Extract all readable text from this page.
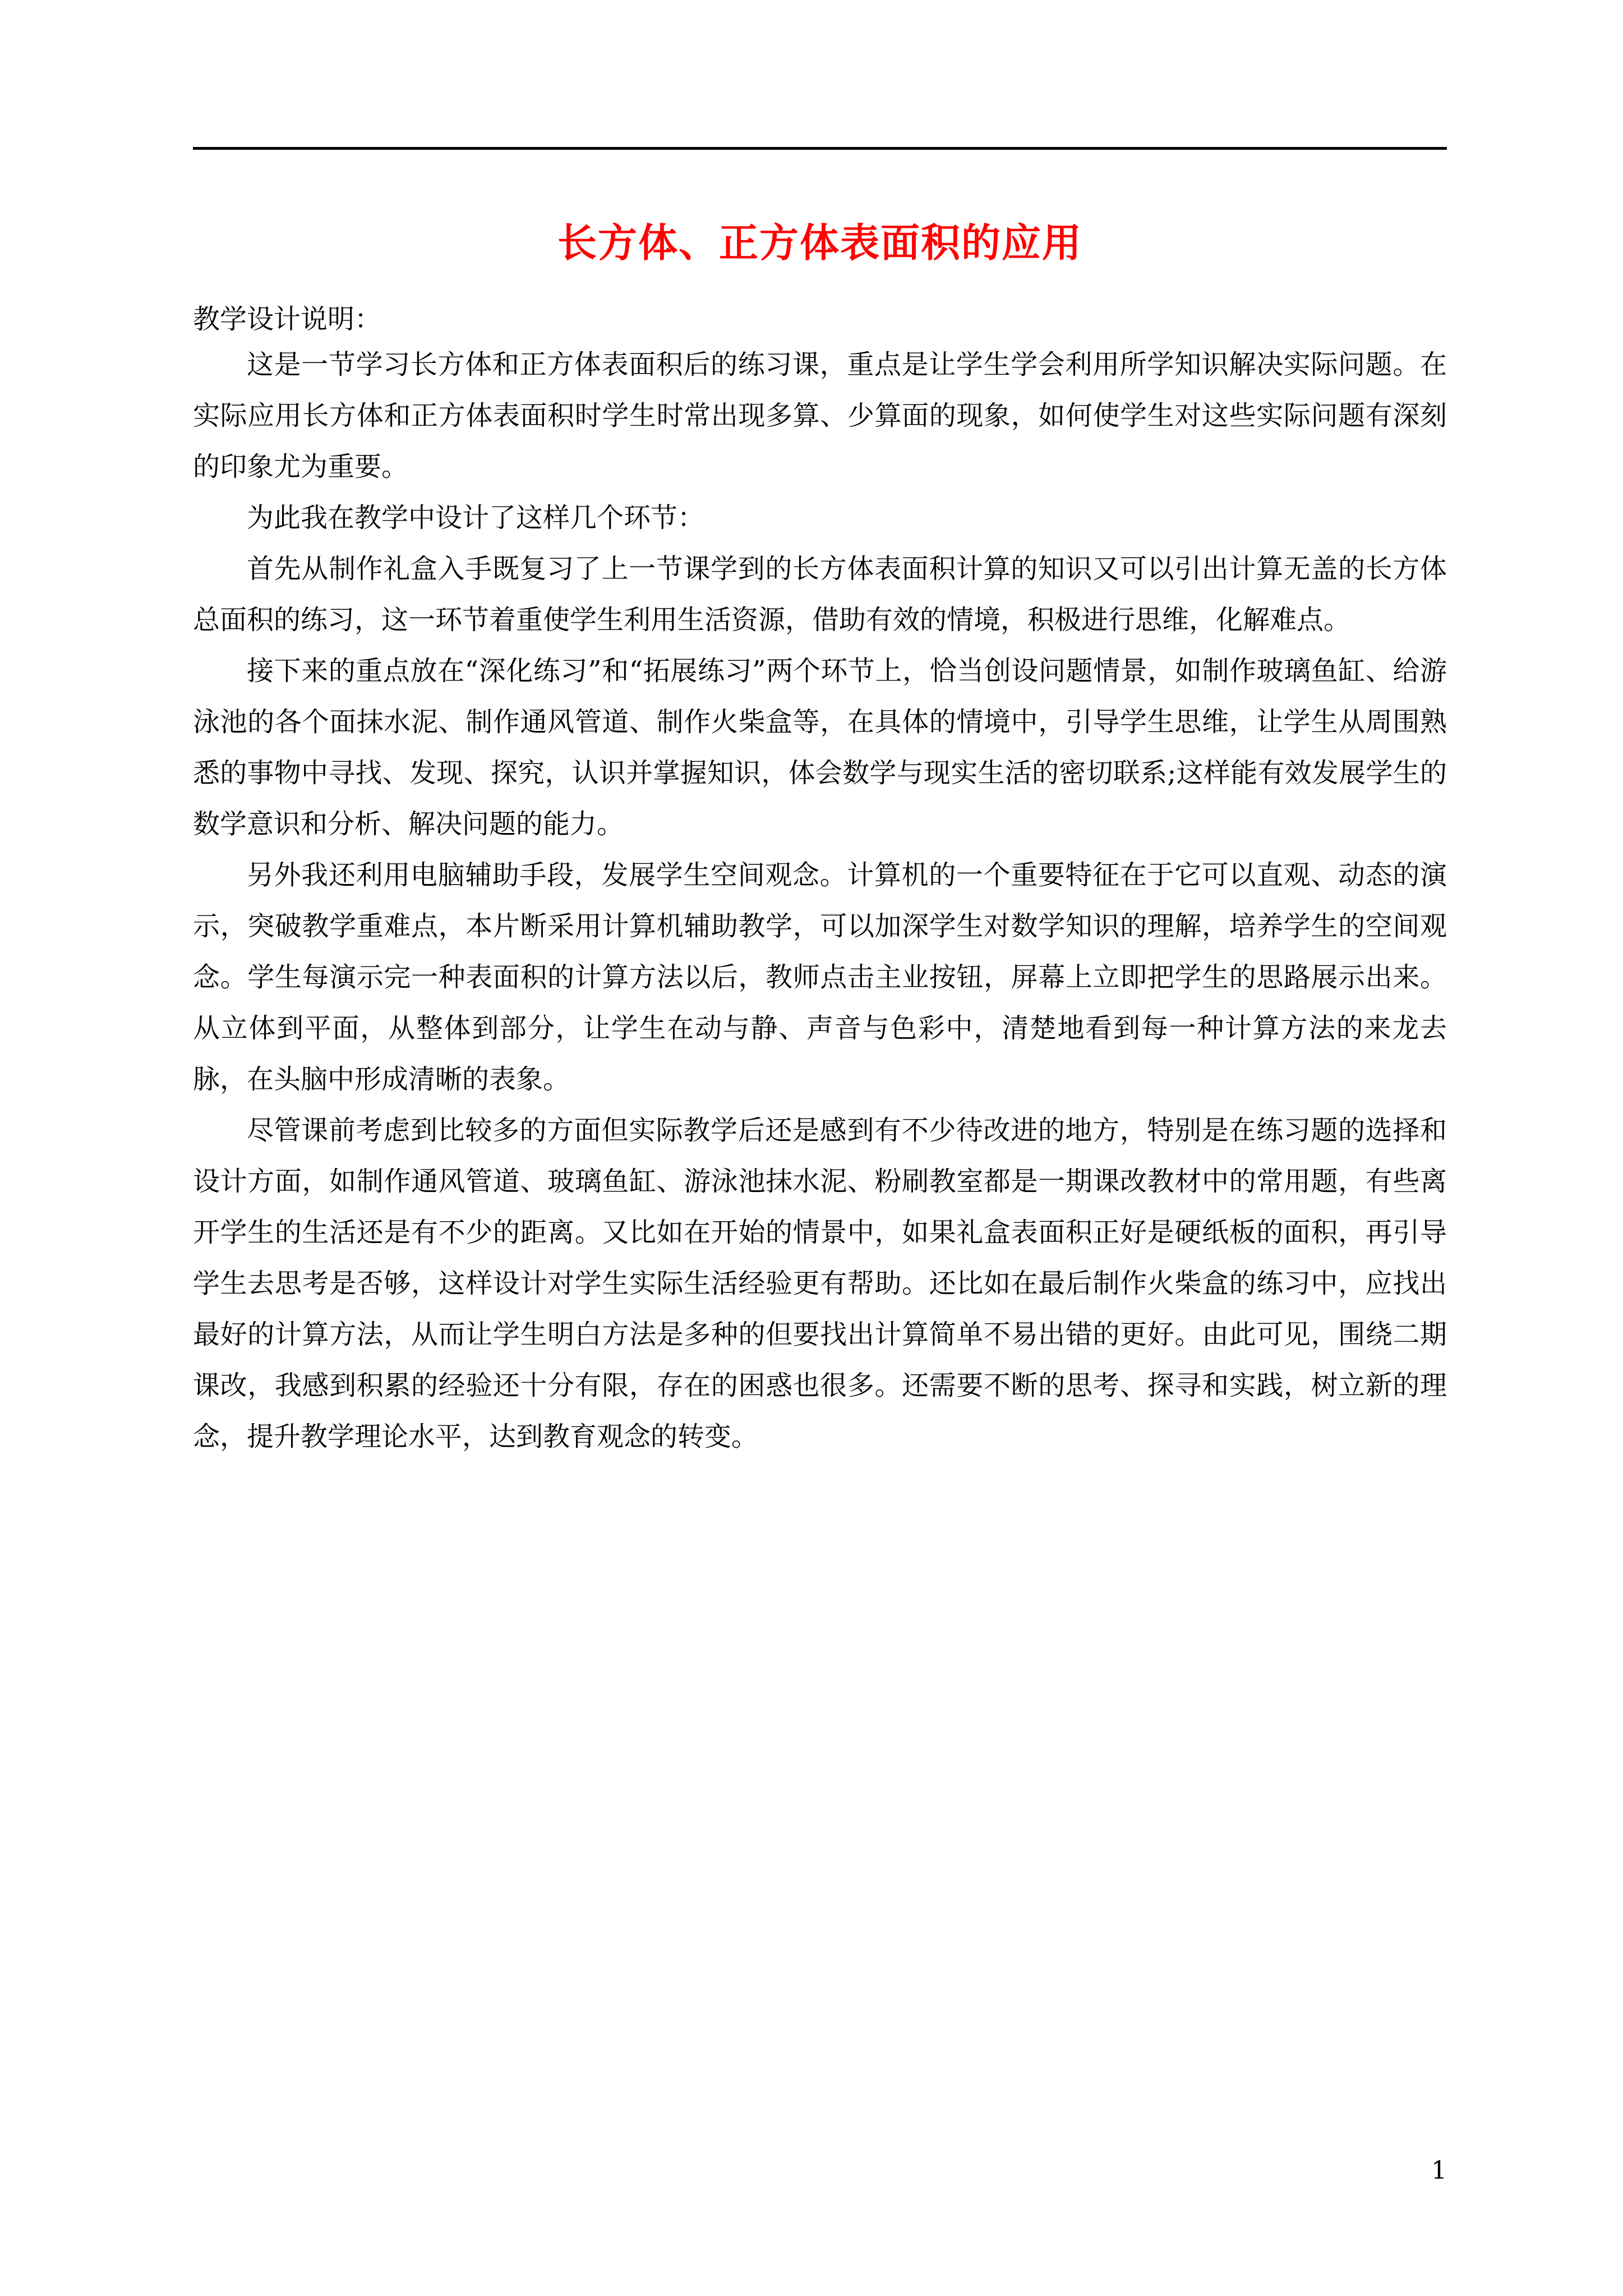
长方体、正方体表面积的应用
教学设计说明：

这是一节学习长方体和正方体表面积后的练习课，重点是让学生学会利用所学知识解决实际问题。在实际应用长方体和正方体表面积时学生时常出现多算、少算面的现象，如何使学生对这些实际问题有深刻的印象尤为重要。

为此我在教学中设计了这样几个环节：

首先从制作礼盒入手既复习了上一节课学到的长方体表面积计算的知识又可以引出计算无盖的长方体总面积的练习，这一环节着重使学生利用生活资源，借助有效的情境，积极进行思维，化解难点。

接下来的重点放在“深化练习”和“拓展练习”两个环节上，恰当创设问题情景，如制作玻璃鱼缸、给游泳池的各个面抹水泥、制作通风管道、制作火柴盒等，在具体的情境中，引导学生思维，让学生从周围熟悉的事物中寻找、发现、探究，认识并掌握知识，体会数学与现实生活的密切联系;这样能有效发展学生的数学意识和分析、解决问题的能力。

另外我还利用电脑辅助手段，发展学生空间观念。计算机的一个重要特征在于它可以直观、动态的演示，突破教学重难点，本片断采用计算机辅助教学，可以加深学生对数学知识的理解，培养学生的空间观念。学生每演示完一种表面积的计算方法以后，教师点击主业按钮，屏幕上立即把学生的思路展示出来。从立体到平面，从整体到部分，让学生在动与静、声音与色彩中，清楚地看到每一种计算方法的来龙去脉，在头脑中形成清晰的表象。

尽管课前考虑到比较多的方面但实际教学后还是感到有不少待改进的地方，特别是在练习题的选择和设计方面，如制作通风管道、玻璃鱼缸、游泳池抹水泥、粉刷教室都是一期课改教材中的常用题，有些离开学生的生活还是有不少的距离。又比如在开始的情景中，如果礼盒表面积正好是硬纸板的面积，再引导学生去思考是否够，这样设计对学生实际生活经验更有帮助。还比如在最后制作火柴盒的练习中，应找出最好的计算方法，从而让学生明白方法是多种的但要找出计算简单不易出错的更好。由此可见，围绕二期课改，我感到积累的经验还十分有限，存在的困惑也很多。还需要不断的思考、探寻和实践，树立新的理念，提升教学理论水平，达到教育观念的转变。

1
